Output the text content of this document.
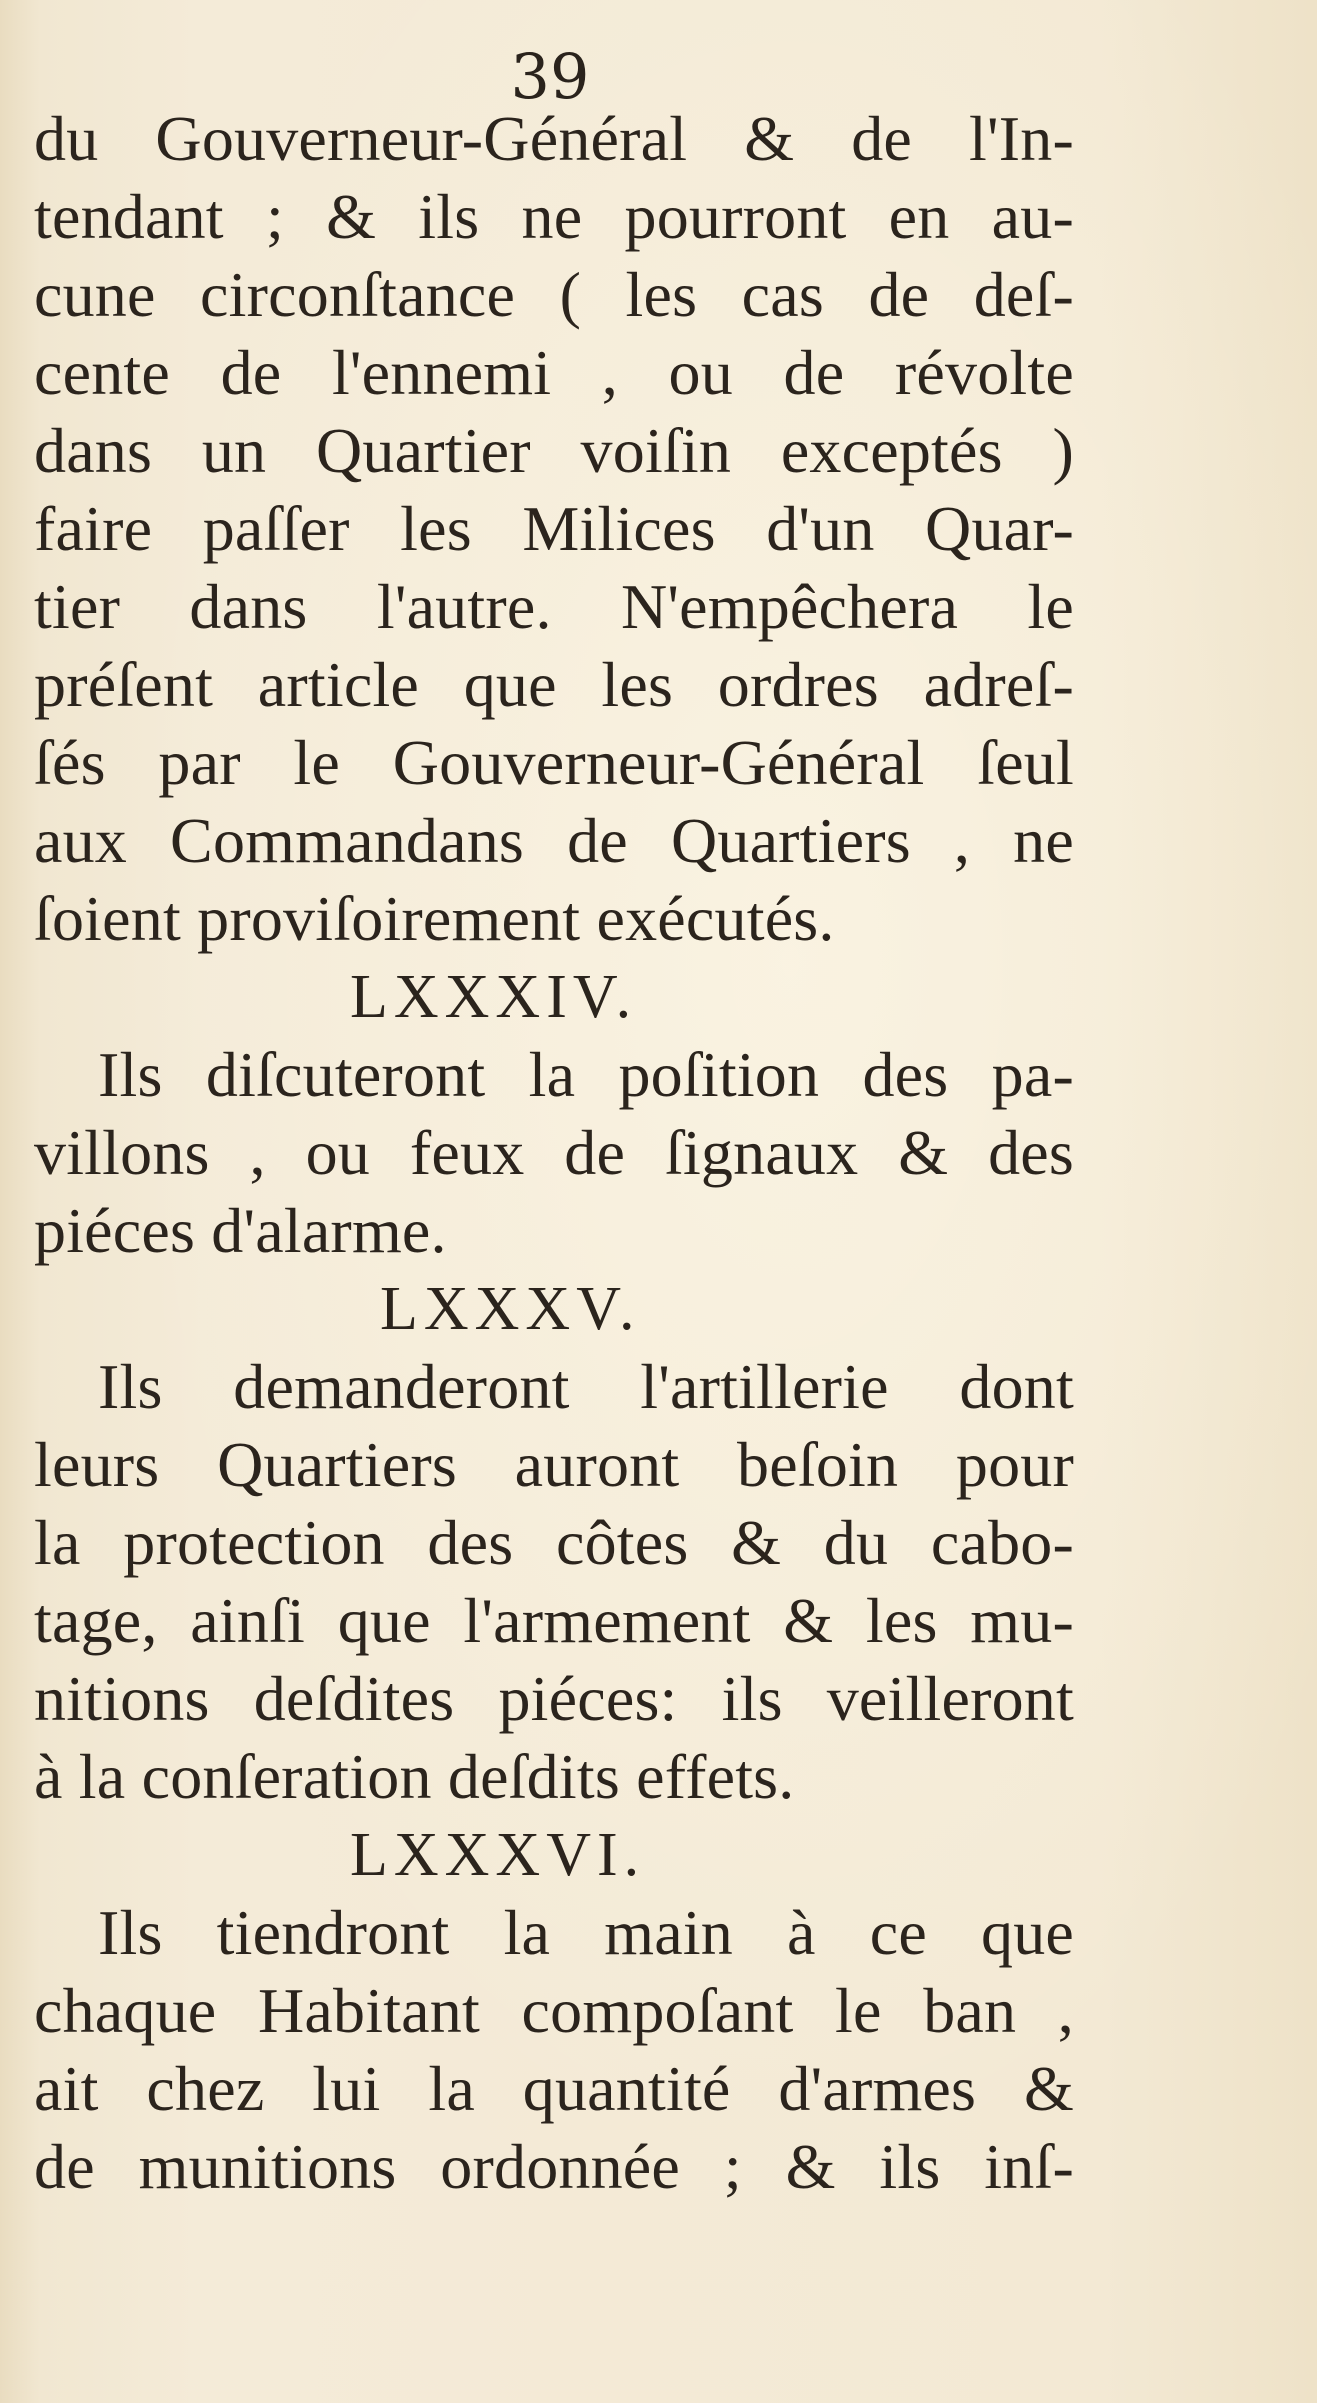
39
du Gouverneur-Général & de l'In-
tendant ; & ils ne pourront en au-
cune circonſtance ( les cas de deſ-
cente de l'ennemi , ou de révolte
dans un Quartier voiſin exceptés )
faire paſſer les Milices d'un Quar-
tier dans l'autre. N'empêchera le
préſent article que les ordres adreſ-
ſés par le Gouverneur-Général ſeul
aux Commandans de Quartiers , ne
ſoient proviſoirement exécutés.
LXXXIV.
Ils diſcuteront la poſition des pa-
villons , ou feux de ſignaux & des
piéces d'alarme.
LXXXV.
Ils demanderont l'artillerie dont
leurs Quartiers auront beſoin pour
la protection des côtes & du cabo-
tage, ainſi que l'armement & les mu-
nitions deſdites piéces: ils veilleront
à la conſeration deſdits effets.
LXXXVI.
Ils tiendront la main à ce que
chaque Habitant compoſant le ban ,
ait chez lui la quantité d'armes &
de munitions ordonnée ; & ils inſ-
